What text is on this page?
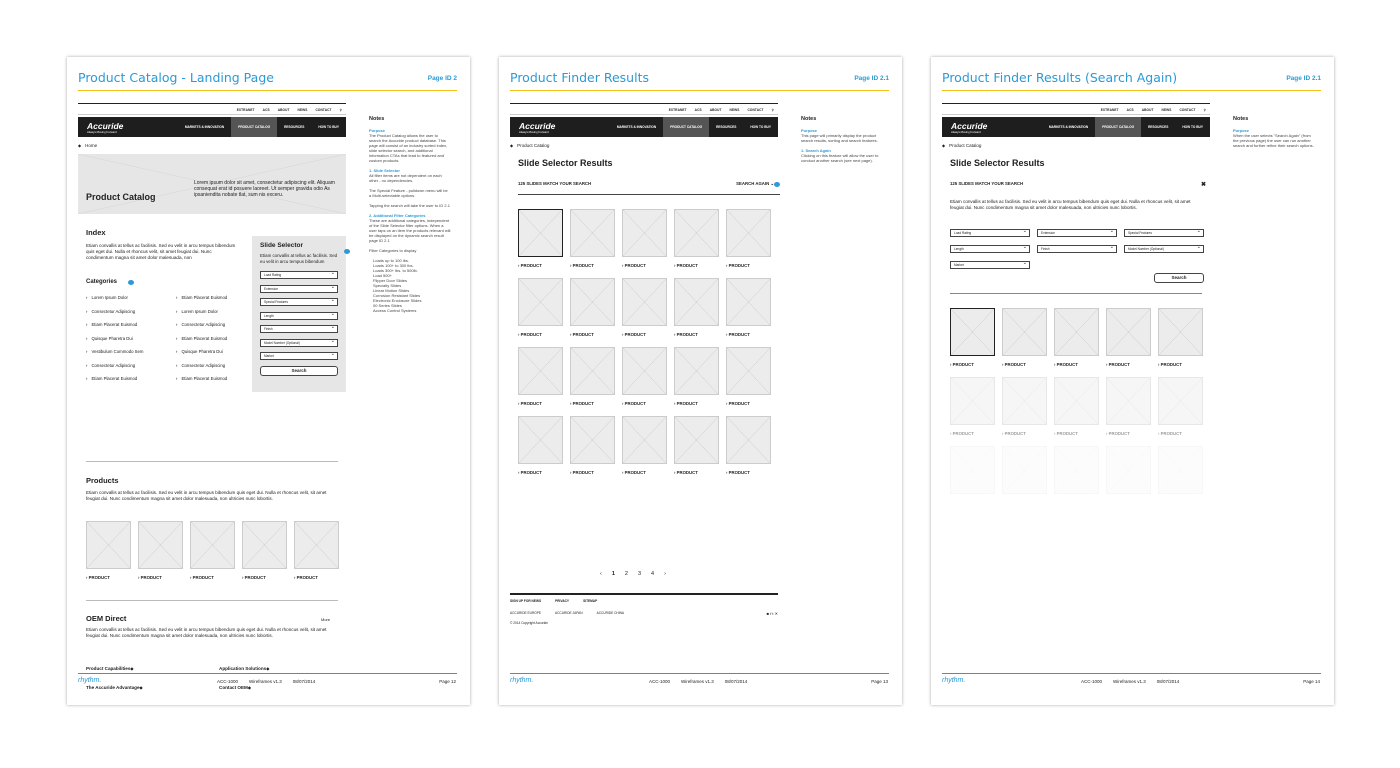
Product Catalog - Landing Page	Page ID 2
EXTRANET	ACS	ABOUT	NEWS	CONTACT	⚲
Accuride
Always Moving Forward
MARKETS & INNOVATION	PRODUCT CATALOG	RESOURCES	HOW TO BUY
◆ Home
Product Catalog

Lorem ipsum dolor sit amet, consectetur adipiscing elit. Aliquam consequat erat id posuere laoreet. Ut semper gravida odio As ipsaniendita nobate tlat, sum nis exceru.

Index
Etiam convallis at tellus ac facilisis. Sed eu velit in arcu tempus bibendum quis eget dui. Nulla et rhoncus velit, sit amet feugiat dui. Nunc condimentum magna sit amet dolor malesuada, non
Categories
› Lorem Ipsum Dolor	› Etiam Placerat Euismod
› Consectetur Adipiscing	› Lorem Ipsum Dolor
› Etiam Placerat Euismod	› Consectetur Adipiscing
› Quisque Pharetra Dui	› Etiam Placerat Euismod
› Vestibulum Commodo Sem	› Quisque Pharetra Dui
› Consectetur Adipiscing	› Consectetur Adipiscing
› Etiam Placerat Euismod	› Etiam Placerat Euismod
Slide Selector
Etiam convallis at tellus ac facilisis. Sed eu velit in arcu tempus bibendum
Load Rating ⌄
Extension ⌄
Special Features ⌄
Length ⌄
Finish ⌄
Model Number (Optional) ⌄
Market ⌄
Search
Products
Etiam convallis at tellus ac facilisis. Sed eu velit in arcu tempus bibendum quis eget dui. Nulla et rhoncus velit, sit amet feugiat dui. Nunc condimentum magna sit amet dolor malesuada, non ultricies nunc lobortis.
› PRODUCT	› PRODUCT	› PRODUCT	› PRODUCT	› PRODUCT
OEM Direct	More
Etiam convallis at tellus ac facilisis. Sed eu velit in arcu tempus bibendum quis eget dui. Nulla et rhoncus velit, sit amet feugiat dui. Nunc condimentum magna sit amet dolor malesuada, non ultricies nunc lobortis.
Product Capabilities ◆	Application Solutions ◆
The Accuride Advantage ◆	Contact OEM ◆
Notes
Purpose

The Product Catalog allows the user to search the Accuride product database. This page will consist of an industry sorted index, slide selector search, and additional information CTAs that lead to featured and custom products.

1. Slide Selector

All filter items are not dependent on each other - no dependencies.

The Special Feature - pulldown menu will be a Multi-selectable options.

Tapping the search will take the user to ID 2.1

2. Additional Filter Categories

These are additional categories, independent of the Slide Selector filter options. When a user taps on an item the products relevant will be displayed on the dynamic search result page ID 2.1

Filter Categories to display

Loads up to 100 lbs.
Loads 100+ to 300 lbs.
Loads 300+ lbs. to 500lb.
Load 500+
Flipper Door Slides
Specialty Slides
Linear Motion Slides
Corrosion Resistant Slides
Electronic Enclosure Slides
00 Series Slides
Access Control Systems
rhythm.	ACC-1000 Wireframes v1.3 08/07/2014	Page 12
Product Finder Results	Page ID 2.1
EXTRANET	ACS	ABOUT	NEWS	CONTACT	⚲
Accuride
Always Moving Forward
MARKETS & INNOVATION	PRODUCT CATALOG	RESOURCES	HOW TO BUY
◆ Product Catalog
Slide Selector Results
125 SLIDES MATCH YOUR SEARCH	SEARCH AGAIN ⌄
› PRODUCT	› PRODUCT	› PRODUCT	› PRODUCT	› PRODUCT
› PRODUCT	› PRODUCT	› PRODUCT	› PRODUCT	› PRODUCT
› PRODUCT	› PRODUCT	› PRODUCT	› PRODUCT	› PRODUCT
› PRODUCT	› PRODUCT	› PRODUCT	› PRODUCT	› PRODUCT
‹ 1 2 3 4 ›
SIGN UP FOR NEWS	PRIVACY	SITEMAP
ACCURIDE EUROPE	ACCURIDE JAPAN	ACCURIDE CHINA	■ f t ✕
© 2014 Copyright Accuride
Notes
Purpose

This page will primarily display the product search results, sorting and search features.

1. Search Again

Clicking on this feature will allow the user to conduct another search (see next page).

rhythm.	ACC-1000 Wireframes v1.3 08/07/2014	Page 13
Product Finder Results (Search Again)	Page ID 2.1
EXTRANET	ACS	ABOUT	NEWS	CONTACT	⚲
Accuride
Always Moving Forward
MARKETS & INNOVATION	PRODUCT CATALOG	RESOURCES	HOW TO BUY
◆ Product Catalog
Slide Selector Results
125 SLIDES MATCH YOUR SEARCH	✖
Etiam convallis at tellus ac facilisis. Sed eu velit in arcu tempus bibendum quis eget dui. Nulla et rhoncus velit, sit amet feugiat dui. Nunc condimentum magna sit amet dolor malesuada, non ultricies nunc lobortis.
Load Rating ⌄	Extension ⌄	Special Features ⌄
Length ⌄	Finish ⌄	Model Number (Optional) ⌄
Market ⌄
Search
› PRODUCT	› PRODUCT	› PRODUCT	› PRODUCT	› PRODUCT
› PRODUCT	› PRODUCT	› PRODUCT	› PRODUCT	› PRODUCT
Notes
Purpose

When the user selects "Search Again" (from the previous page) the user can run another search and further refine their search options.

rhythm.	ACC-1000 Wireframes v1.3 08/07/2014	Page 14
